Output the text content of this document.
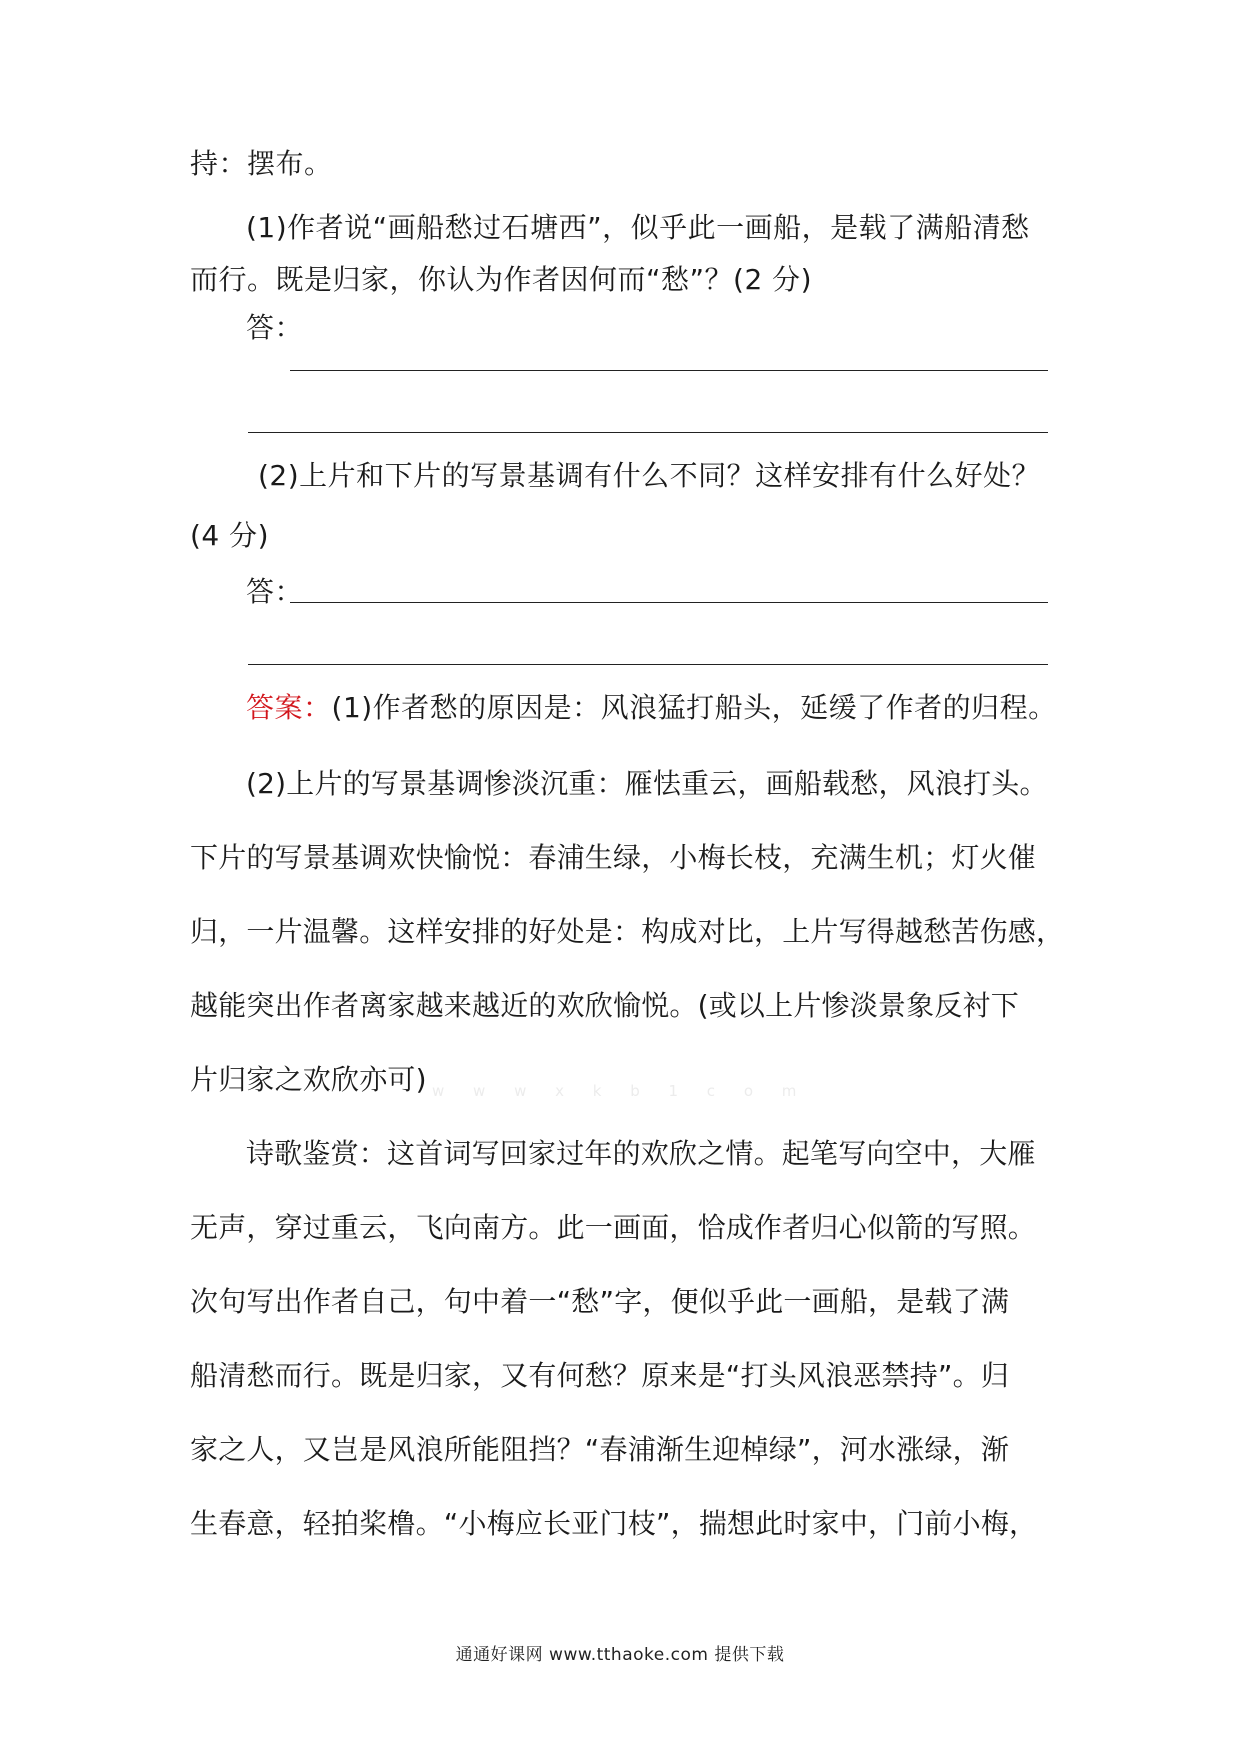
持：摆布。
(1)作者说“画船愁过石塘西”，似乎此一画船，是载了满船清愁
而行。既是归家，你认为作者因何而“愁”？(2 分)
答：
(2)上片和下片的写景基调有什么不同？这样安排有什么好处？
(4 分)
答：
答案：(1)作者愁的原因是：风浪猛打船头，延缓了作者的归程。
(2)上片的写景基调惨淡沉重：雁怯重云，画船载愁，风浪打头。
下片的写景基调欢快愉悦：春浦生绿，小梅长枝，充满生机；灯火催
归，一片温馨。这样安排的好处是：构成对比，上片写得越愁苦伤感，
越能突出作者离家越来越近的欢欣愉悦。(或以上片惨淡景象反衬下
片归家之欢欣亦可) w w w x k b 1 c o m
诗歌鉴赏：这首词写回家过年的欢欣之情。起笔写向空中，大雁
无声，穿过重云，飞向南方。此一画面，恰成作者归心似箭的写照。
次句写出作者自己，句中着一“愁”字，便似乎此一画船，是载了满
船清愁而行。既是归家，又有何愁？原来是“打头风浪恶禁持”。归
家之人，又岂是风浪所能阻挡？“春浦渐生迎棹绿”，河水涨绿，渐
生春意，轻拍桨橹。“小梅应长亚门枝”，揣想此时家中，门前小梅，
通通好课网 www.tthaoke.com 提供下载
